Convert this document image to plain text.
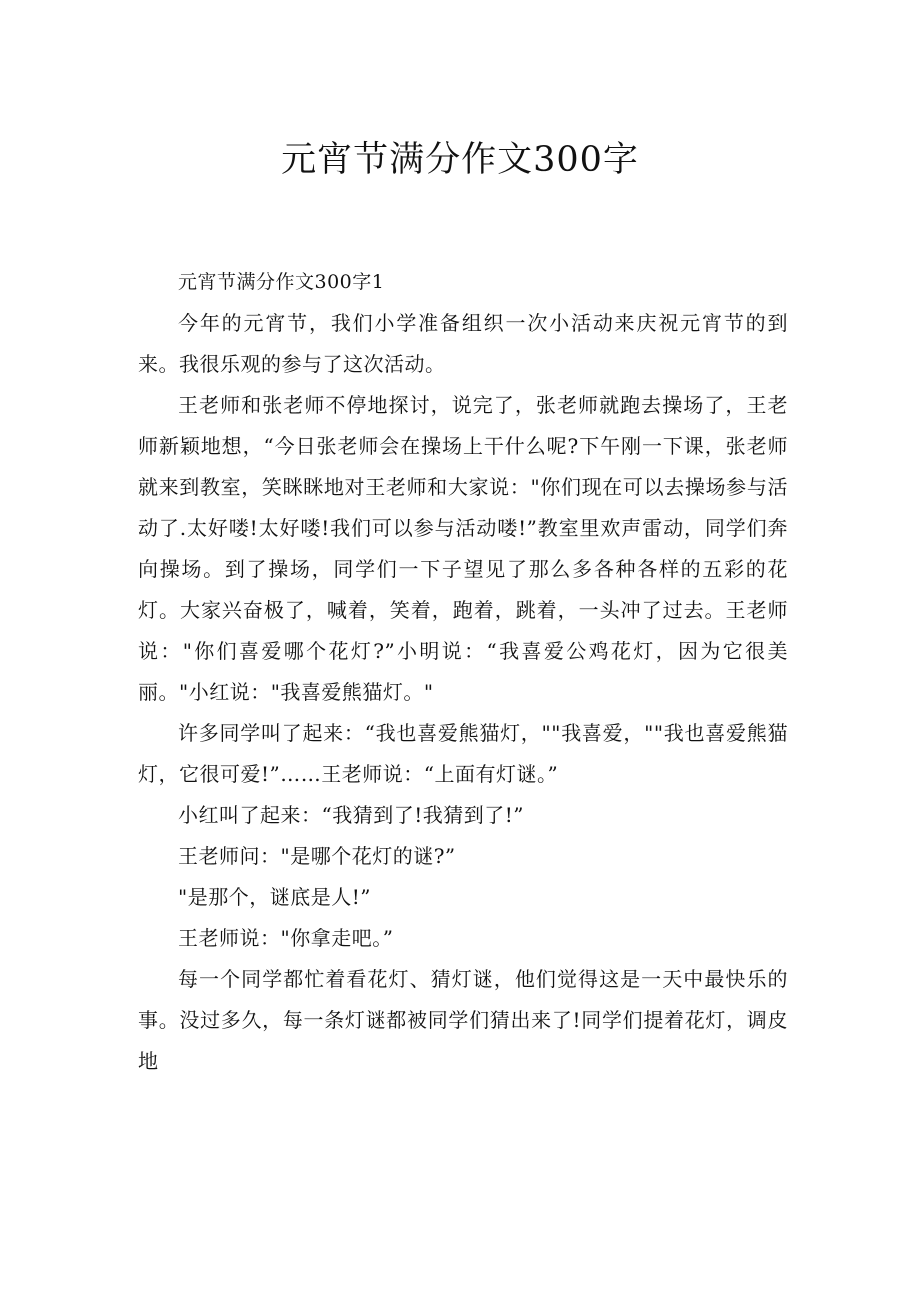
元宵节满分作文300字

元宵节满分作文300字1

今年的元宵节，我们小学准备组织一次小活动来庆祝元宵节的到来。我很乐观的参与了这次活动。

王老师和张老师不停地探讨，说完了，张老师就跑去操场了，王老师新颖地想，“今日张老师会在操场上干什么呢?下午刚一下课，张老师就来到教室，笑眯眯地对王老师和大家说："你们现在可以去操场参与活动了.太好喽!太好喽!我们可以参与活动喽!”教室里欢声雷动，同学们奔向操场。到了操场，同学们一下子望见了那么多各种各样的五彩的花灯。大家兴奋极了，喊着，笑着，跑着，跳着，一头冲了过去。王老师说："你们喜爱哪个花灯?”小明说：“我喜爱公鸡花灯，因为它很美丽。"小红说："我喜爱熊猫灯。"

许多同学叫了起来：“我也喜爱熊猫灯，""我喜爱，""我也喜爱熊猫灯，它很可爱!”……王老师说：“上面有灯谜。”

小红叫了起来：“我猜到了!我猜到了!”

王老师问："是哪个花灯的谜?”

"是那个，谜底是人!”

王老师说："你拿走吧。”

每一个同学都忙着看花灯、猜灯谜，他们觉得这是一天中最快乐的事。没过多久，每一条灯谜都被同学们猜出来了!同学们提着花灯，调皮地
